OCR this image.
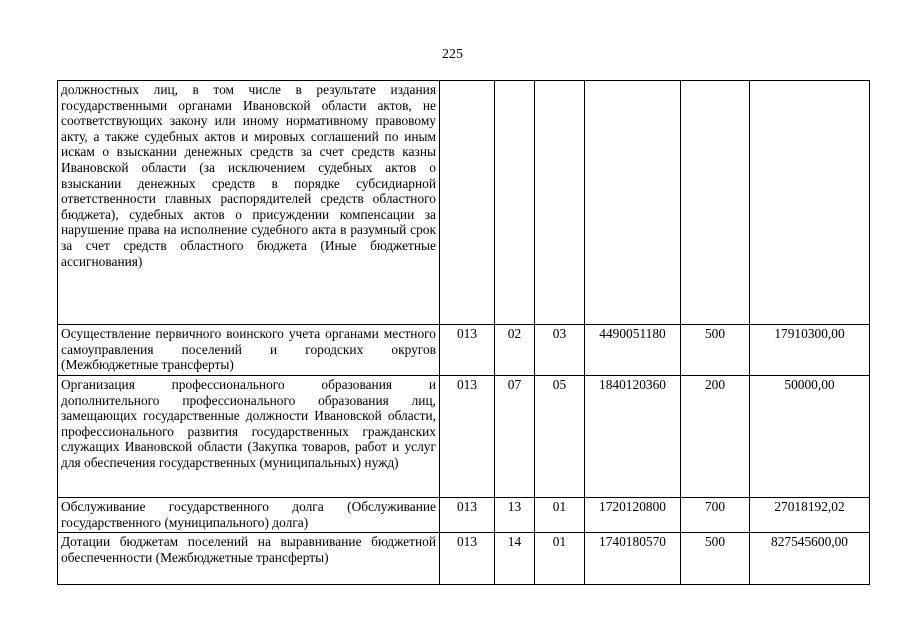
225
должностных лиц, в том числе в результате издания государственными органами Ивановской области актов, не соответствующих закону или иному нормативному правовому акту, а также судебных актов и мировых соглашений по иным искам о взыскании денежных средств за счет средств казны Ивановской области (за исключением судебных актов о взыскании денежных средств в порядке субсидиарной ответственности главных распорядителей средств областного бюджета), судебных актов о присуждении компенсации за нарушение права на исполнение судебного акта в разумный срок за счет средств областного бюджета (Иные бюджетные ассигнования)						
Осуществление первичного воинского учета органами местного самоуправления поселений и городских округов (Межбюджетные трансферты)	013	02	03	4490051180	500	17910300,00
Организация профессионального образования и дополнительного профессионального образования лиц, замещающих государственные должности Ивановской области, профессионального развития государственных гражданских служащих Ивановской области (Закупка товаров, работ и услуг для обеспечения государственных (муниципальных) нужд)	013	07	05	1840120360	200	50000,00
Обслуживание государственного долга (Обслуживание государственного (муниципального) долга)	013	13	01	1720120800	700	27018192,02
Дотации бюджетам поселений на выравнивание бюджетной обеспеченности (Межбюджетные трансферты)	013	14	01	1740180570	500	827545600,00
